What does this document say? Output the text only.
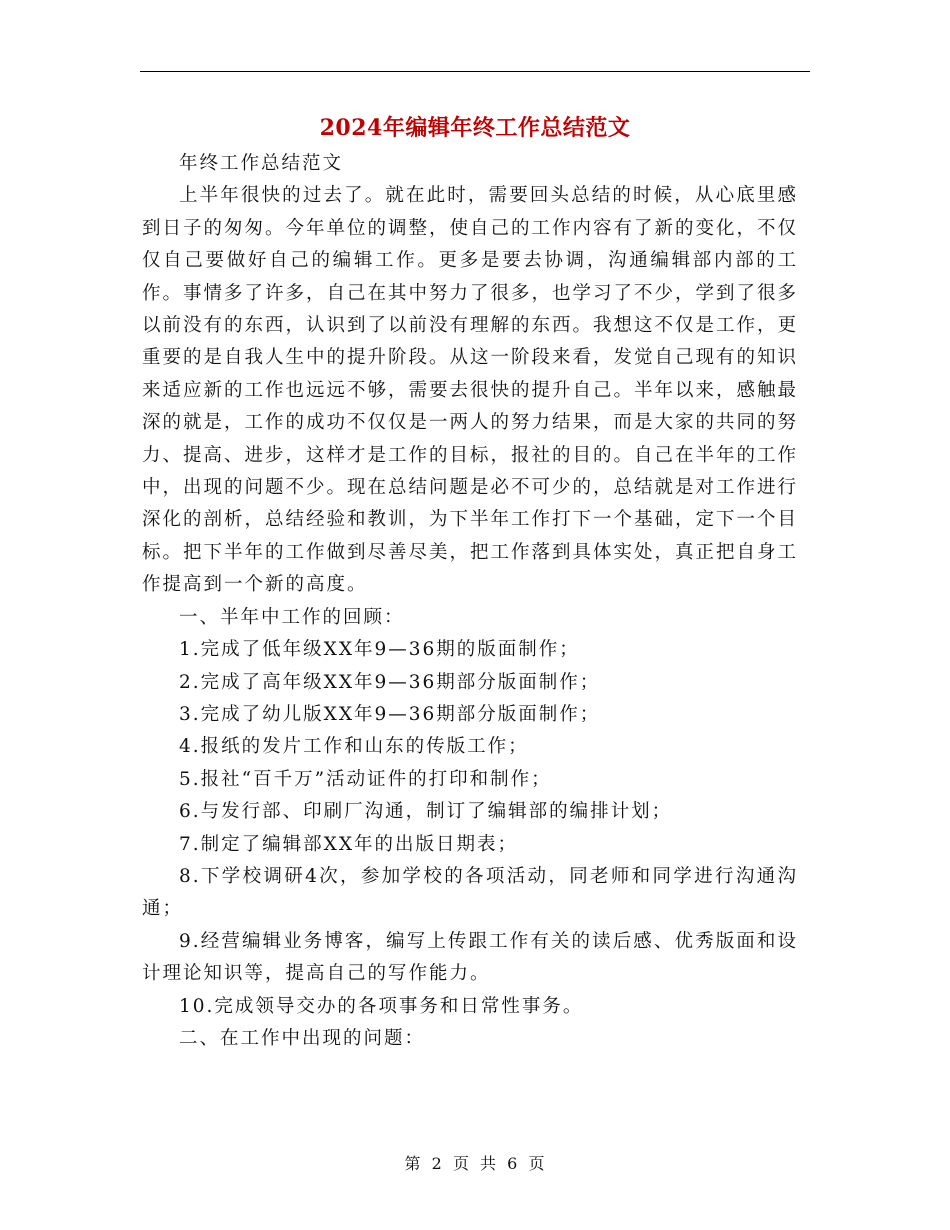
2024年编辑年终工作总结范文

年终工作总结范文

上半年很快的过去了。就在此时，需要回头总结的时候，从心底里感到日子的匆匆。今年单位的调整，使自己的工作内容有了新的变化，不仅仅自己要做好自己的编辑工作。更多是要去协调，沟通编辑部内部的工作。事情多了许多，自己在其中努力了很多，也学习了不少，学到了很多以前没有的东西，认识到了以前没有理解的东西。我想这不仅是工作，更重要的是自我人生中的提升阶段。从这一阶段来看，发觉自己现有的知识来适应新的工作也远远不够，需要去很快的提升自己。半年以来，感触最深的就是，工作的成功不仅仅是一两人的努力结果，而是大家的共同的努力、提高、进步，这样才是工作的目标，报社的目的。自己在半年的工作中，出现的问题不少。现在总结问题是必不可少的，总结就是对工作进行深化的剖析，总结经验和教训，为下半年工作打下一个基础，定下一个目标。把下半年的工作做到尽善尽美，把工作落到具体实处，真正把自身工作提高到一个新的高度。

一、半年中工作的回顾：

1.完成了低年级XX年9—36期的版面制作；

2.完成了高年级XX年9—36期部分版面制作；

3.完成了幼儿版XX年9—36期部分版面制作；

4.报纸的发片工作和山东的传版工作；

5.报社“百千万”活动证件的打印和制作；

6.与发行部、印刷厂沟通，制订了编辑部的编排计划；

7.制定了编辑部XX年的出版日期表；

8.下学校调研4次，参加学校的各项活动，同老师和同学进行沟通沟通；

9.经营编辑业务博客，编写上传跟工作有关的读后感、优秀版面和设计理论知识等，提高自己的写作能力。

10.完成领导交办的各项事务和日常性事务。

二、在工作中出现的问题：

第 2 页 共 6 页
